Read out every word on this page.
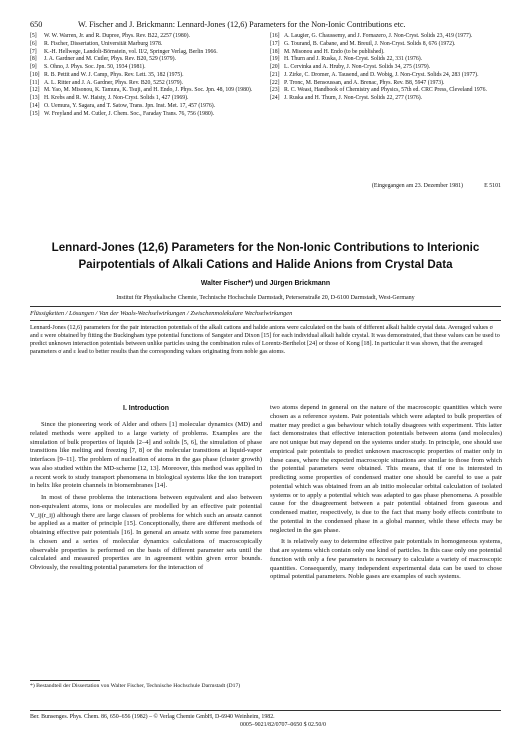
650	W. Fischer and J. Brickmann: Lennard-Jones (12,6) Parameters for the Non-Ionic Contributions etc.
[5] W. W. Warren, Jr. and R. Dupree, Phys. Rev. B22, 2257 (1980).
[6] R. Fischer, Dissertation, Universität Marburg 1978.
[7] K.-H. Hellwege, Landolt-Börnstein, vol. II/2, Springer Verlag, Berlin 1966.
[8] J. A. Gardner and M. Cutler, Phys. Rev. B20, 529 (1979).
[9] S. Ohno, J. Phys. Soc. Jpn. 50, 1934 (1981).
[10] R. B. Pettit and W. J. Camp, Phys. Rev. Lett. 35, 182 (1975).
[11] A. L. Ritter and J. A. Gardner, Phys. Rev. B20, 5252 (1979).
[12] M. Yao, M. Misonou, K. Tamura, K. Tsuji, and H. Endo, J. Phys. Soc. Jpn. 48, 109 (1980).
[13] H. Krebs and R. W. Haisty, J. Non-Cryst. Solids 1, 427 (1969).
[14] O. Uemura, Y. Sagara, and T. Satow, Trans. Jpn. Inst. Met. 17, 457 (1976).
[15] W. Freyland and M. Cutler, J. Chem. Soc., Faraday Trans. 76, 756 (1980).
[16] A. Laugier, G. Chaussemy, and J. Fornazero, J. Non-Cryst. Solids 23, 419 (1977).
[17] G. Tourand, B. Cabane, and M. Breuil, J. Non-Cryst. Solids 8, 676 (1972).
[18] M. Misonou and H. Endo (to be published).
[19] H. Thurn and J. Ruska, J. Non-Cryst. Solids 22, 331 (1976).
[20] L. Cervinka and A. Hruby, J. Non-Cryst. Solids 34, 275 (1979).
[21] J. Zirke, C. Dromer, A. Tausend, and D. Wobig, J. Non-Cryst. Solids 24, 283 (1977).
[22] P. Tronc, M. Bensoussan, and A. Brenac, Phys. Rev. B8, 5947 (1973).
[23] R. C. Weast, Handbook of Chemistry and Physics, 57th ed. CRC Press, Cleveland 1976.
[24] J. Ruska and H. Thurn, J. Non-Cryst. Solids 22, 277 (1976).
(Eingegangen am 23. Dezember 1981)	E 5101
Lennard-Jones (12,6) Parameters for the Non-Ionic Contributions to Interionic Pairpotentials of Alkali Cations and Halide Anions from Crystal Data
Walter Fischer*) und Jürgen Brickmann
Institut für Physikalische Chemie, Technische Hochschule Darmstadt, Petersenstraße 20, D-6100 Darmstadt, West-Germany
Flüssigkeiten / Lösungen / Van der Waals-Wechselwirkungen / Zwischenmolekulare Wechselwirkungen
Lennard-Jones (12,6) parameters for the pair interaction potentials of the alkali cations and halide anions were calculated on the basis of different alkali halide crystal data. Averaged values σ and ε were obtained by fitting the Buckingham type potential functions of Sangster and Dixon [15] for each individual alkali halide crystal. It was demonstrated, that these values can be used to predict unknown interaction potentials between unlike particles using the combination rules of Lorentz-Berthelot [24] or those of Kong [18]. In particular it was shown, that the averaged parameters σ and ε lead to better results than the corresponding values originating from noble gas atoms.
I. Introduction

Since the pioneering work of Alder and others [1] molecular dynamics (MD) and related methods were applied to a large variety of problems. Examples are the simulation of bulk properties of liquids [2–4] and solids [5, 6], the simulation of phase transitions like melting and freezing [7, 8] or the molecular transitions at liquid-vapor interfaces [9–11]. The problem of nucleation of atoms in the gas phase (cluster growth) was also studied within the MD-scheme [12, 13]. Moreover, this method was applied in a recent work to study transport phenomena in biological systems like the ion transport in helix like protein channels in biomembranes [14].

In most of these problems the interactions between equivalent and also between non-equivalent atoms, ions or molecules are modelled by an effective pair potential V_ij(r_ij) although there are large classes of problems for which such an ansatz cannot be applied as a matter of principle [15]. Conceptionally, there are different methods of obtaining effective pair potentials [16]. In general an ansatz with some free parameters is chosen and a series of molecular dynamics calculations of macroscopically observable properties is performed on the basis of different parameter sets until the calculated and measured properties are in agreement within given error bounds. Obviously, the resulting potential parameters for the interaction of

two atoms depend in general on the nature of the macroscopic quantities which were chosen as a reference system. Pair potentials which were adapted to bulk properties of matter may predict a gas behaviour which totally disagrees with experiment. This latter fact demonstrates that effective interaction potentials between atoms (and molecules) are not unique but may depend on the systems under study. In principle, one should use empirical pair potentials to predict unknown macroscopic properties of matter only in these cases, where the expected macroscopic situations are similar to those from which the potential parameters were obtained. This means, that if one is interested in predicting some properties of condensed matter one should be careful to use a pair potential which was obtained from an ab initio molecular orbital calculation of isolated systems or to apply a potential which was adapted to gas phase phenomena. A possible cause for the disagreement between a pair potential obtained from gaseous and condensed matter, respectively, is due to the fact that many body effects contribute to the potential in the condensed phase in a global manner, while these effects may be neglected in the gas phase.

It is relatively easy to determine effective pair potentials in homogeneous systems, that are systems which contain only one kind of particles. In this case only one potential function with only a few parameters is necessary to calculate a variety of macroscopic quantities. Consequently, many independent experimental data can be used to chose optimal potential parameters. Noble gases are examples of such systems.

*) Bestandteil der Dissertation von Walter Fischer, Technische Hochschule Darmstadt (D17)
Ber. Bunsenges. Phys. Chem. 86, 650–656 (1982) – © Verlag Chemie GmbH, D-6940 Weinheim, 1982.
0005–9021/82/0707–0650 $ 02.50/0
